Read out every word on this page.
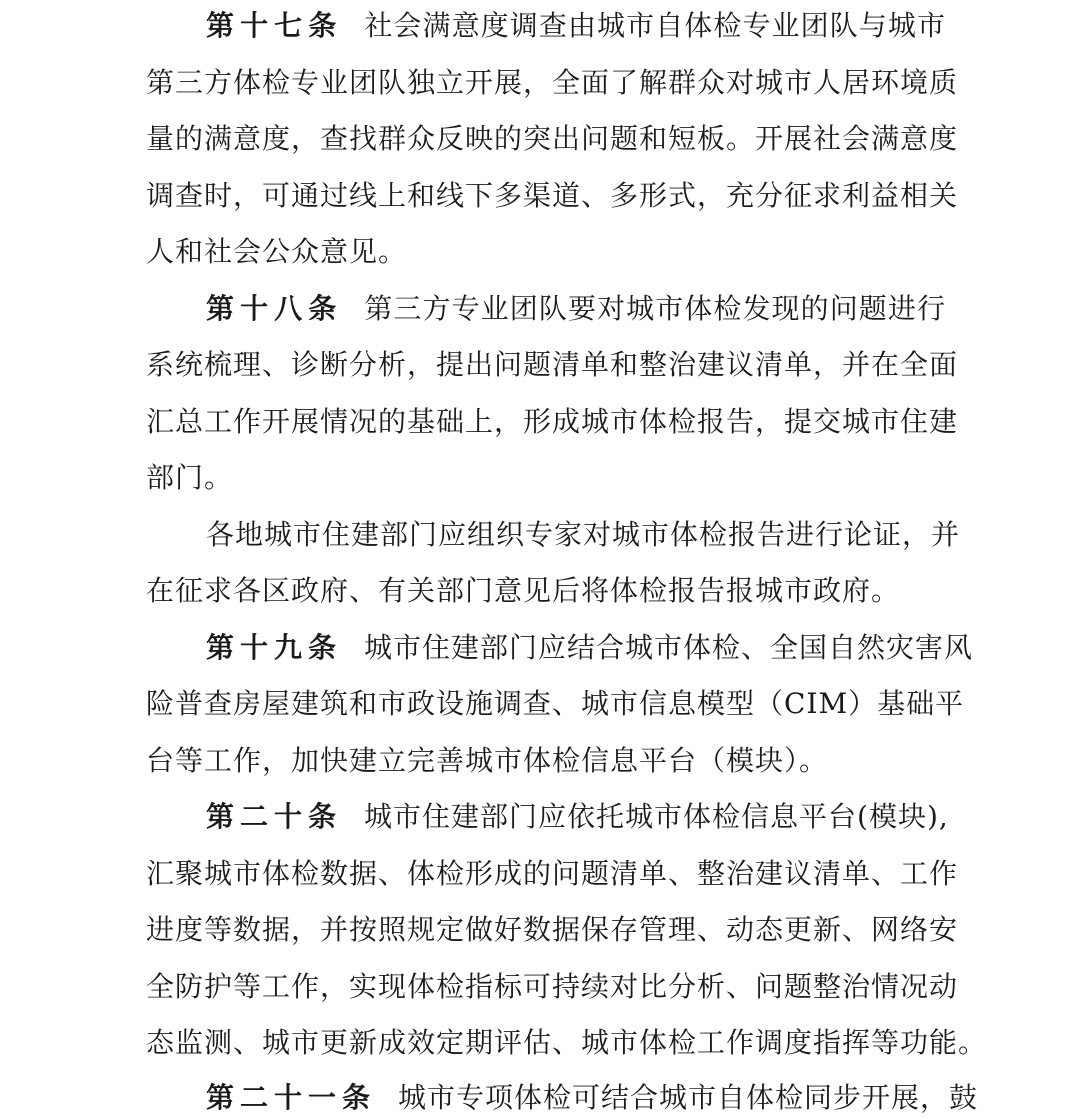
第十七条 社会满意度调查由城市自体检专业团队与城市
第三方体检专业团队独立开展，全面了解群众对城市人居环境质
量的满意度，查找群众反映的突出问题和短板。开展社会满意度
调查时，可通过线上和线下多渠道、多形式，充分征求利益相关
人和社会公众意见。
第十八条 第三方专业团队要对城市体检发现的问题进行
系统梳理、诊断分析，提出问题清单和整治建议清单，并在全面
汇总工作开展情况的基础上，形成城市体检报告，提交城市住建
部门。
各地城市住建部门应组织专家对城市体检报告进行论证，并
在征求各区政府、有关部门意见后将体检报告报城市政府。
第十九条 城市住建部门应结合城市体检、全国自然灾害风
险普查房屋建筑和市政设施调查、城市信息模型（CIM）基础平
台等工作，加快建立完善城市体检信息平台（模块）。
第二十条 城市住建部门应依托城市体检信息平台(模块),
汇聚城市体检数据、体检形成的问题清单、整治建议清单、工作
进度等数据，并按照规定做好数据保存管理、动态更新、网络安
全防护等工作，实现体检指标可持续对比分析、问题整治情况动
态监测、城市更新成效定期评估、城市体检工作调度指挥等功能。
第二十一条 城市专项体检可结合城市自体检同步开展，鼓
